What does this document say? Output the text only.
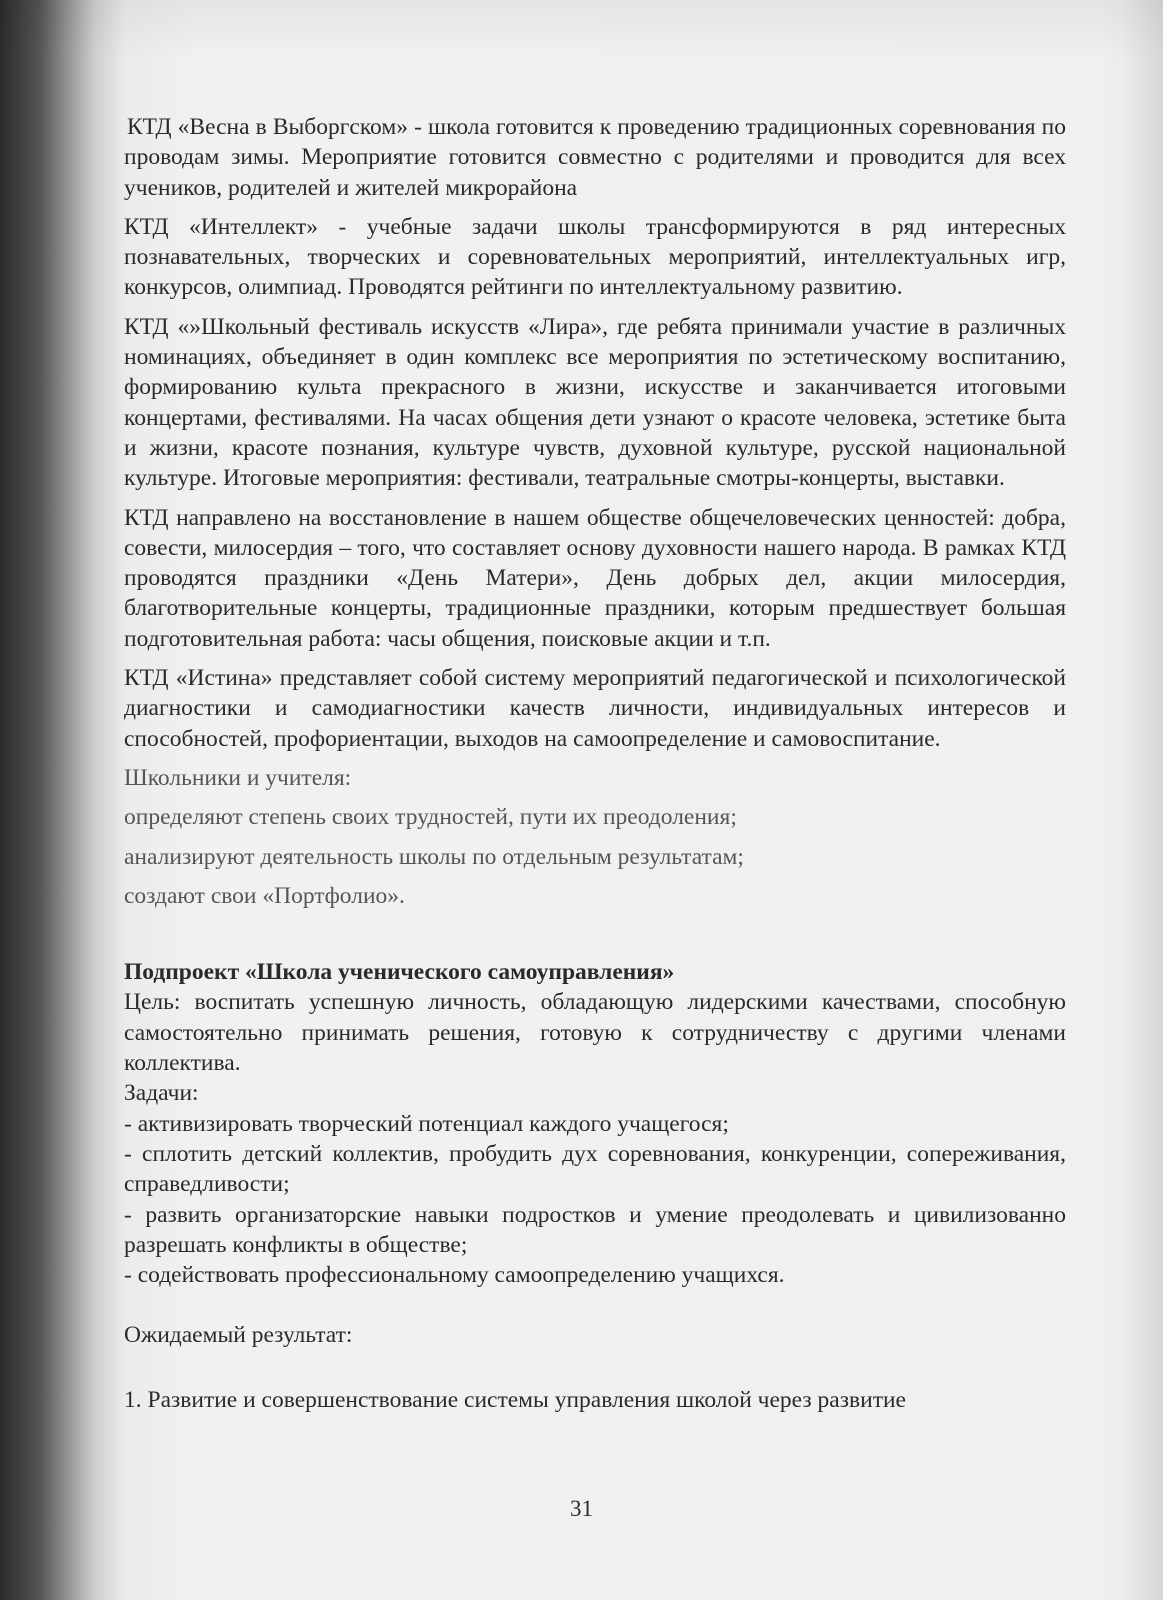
КТД «Весна в Выборгском» - школа готовится к проведению традиционных соревнования по проводам зимы. Мероприятие готовится совместно с родителями и проводится для всех учеников, родителей и жителей микрорайона

КТД «Интеллект» - учебные задачи школы трансформируются в ряд интересных познавательных, творческих и соревновательных мероприятий, интеллектуальных игр, конкурсов, олимпиад. Проводятся рейтинги по интеллектуальному развитию.

КТД «»Школьный фестиваль искусств «Лира», где ребята принимали участие в различных номинациях, объединяет в один комплекс все мероприятия по эстетическому воспитанию, формированию культа прекрасного в жизни, искусстве и заканчивается итоговыми концертами, фестивалями. На часах общения дети узнают о красоте человека, эстетике быта и жизни, красоте познания, культуре чувств, духовной культуре, русской национальной культуре. Итоговые мероприятия: фестивали, театральные смотры-концерты, выставки.

КТД направлено на восстановление в нашем обществе общечеловеческих ценностей: добра, совести, милосердия – того, что составляет основу духовности нашего народа. В рамках КТД проводятся праздники «День Матери», День добрых дел, акции милосердия, благотворительные концерты, традиционные праздники, которым предшествует большая подготовительная работа: часы общения, поисковые акции и т.п.

КТД «Истина» представляет собой систему мероприятий педагогической и психологической диагностики и самодиагностики качеств личности, индивидуальных интересов и способностей, профориентации, выходов на самоопределение и самовоспитание.

Школьники и учителя:
определяют степень своих трудностей, пути их преодоления;
анализируют деятельность школы по отдельным результатам;
создают свои «Портфолио».
Подпроект «Школа ученического самоуправления»

Цель: воспитать успешную личность, обладающую лидерскими качествами, способную самостоятельно принимать решения, готовую к сотрудничеству с другими членами коллектива.

Задачи:

- активизировать творческий потенциал каждого учащегося;

- сплотить детский коллектив, пробудить дух соревнования, конкуренции, сопереживания, справедливости;

- развить организаторские навыки подростков и умение преодолевать и цивилизованно разрешать конфликты в обществе;

- содействовать профессиональному самоопределению учащихся.

Ожидаемый результат:

1. Развитие и совершенствование системы управления школой через развитие

31
